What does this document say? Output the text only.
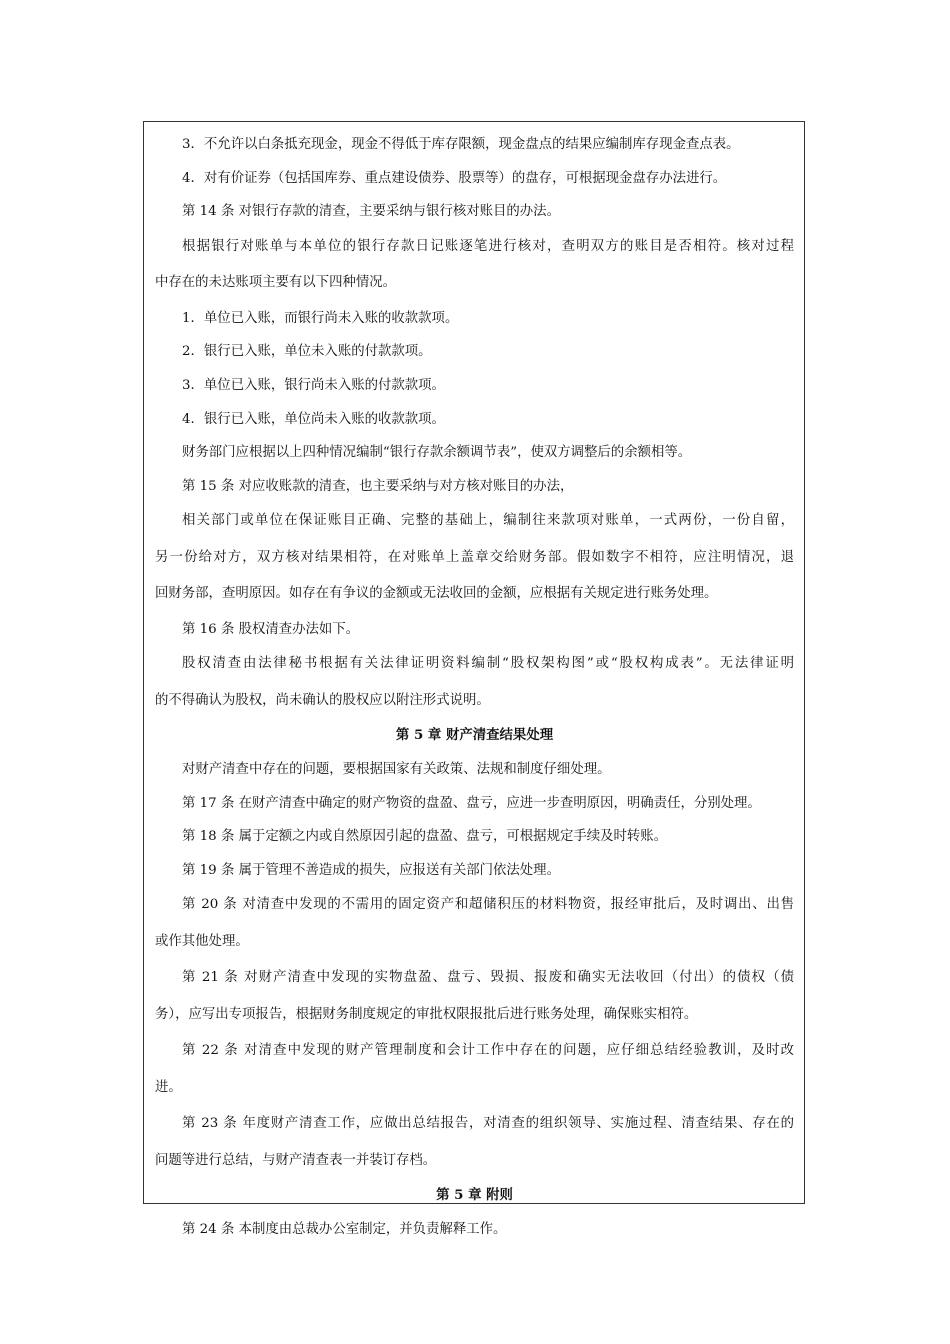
3．不允许以白条抵充现金，现金不得低于库存限额，现金盘点的结果应编制库存现金查点表。
4．对有价证券（包括国库券、重点建设债券、股票等）的盘存，可根据现金盘存办法进行。
第 14 条 对银行存款的清查，主要采纳与银行核对账目的办法。
根据银行对账单与本单位的银行存款日记账逐笔进行核对，查明双方的账目是否相符。核对过程
中存在的未达账项主要有以下四种情况。
1．单位已入账，而银行尚未入账的收款款项。
2．银行已入账，单位未入账的付款款项。
3．单位已入账，银行尚未入账的付款款项。
4．银行已入账，单位尚未入账的收款款项。
财务部门应根据以上四种情况编制“银行存款余额调节表”，使双方调整后的余额相等。
第 15 条 对应收账款的清查，也主要采纳与对方核对账目的办法，
相关部门或单位在保证账目正确、完整的基础上，编制往来款项对账单，一式两份，一份自留，
另一份给对方，双方核对结果相符，在对账单上盖章交给财务部。假如数字不相符，应注明情况，退
回财务部，查明原因。如存在有争议的金额或无法收回的金额，应根据有关规定进行账务处理。
第 16 条 股权清查办法如下。
股权清查由法律秘书根据有关法律证明资料编制“股权架构图”或“股权构成表”。无法律证明
的不得确认为股权，尚未确认的股权应以附注形式说明。
第 5 章 财产清查结果处理
对财产清查中存在的问题，要根据国家有关政策、法规和制度仔细处理。
第 17 条 在财产清查中确定的财产物资的盘盈、盘亏，应进一步查明原因，明确责任，分别处理。
第 18 条 属于定额之内或自然原因引起的盘盈、盘亏，可根据规定手续及时转账。
第 19 条 属于管理不善造成的损失，应报送有关部门依法处理。
第 20 条 对清查中发现的不需用的固定资产和超储积压的材料物资，报经审批后，及时调出、出售
或作其他处理。
第 21 条 对财产清查中发现的实物盘盈、盘亏、毁损、报废和确实无法收回（付出）的债权（债
务），应写出专项报告，根据财务制度规定的审批权限报批后进行账务处理，确保账实相符。
第 22 条 对清查中发现的财产管理制度和会计工作中存在的问题，应仔细总结经验教训，及时改
进。
第 23 条 年度财产清查工作，应做出总结报告，对清查的组织领导、实施过程、清查结果、存在的
问题等进行总结，与财产清查表一并装订存档。
第 5 章 附则
第 24 条 本制度由总裁办公室制定，并负责解释工作。
